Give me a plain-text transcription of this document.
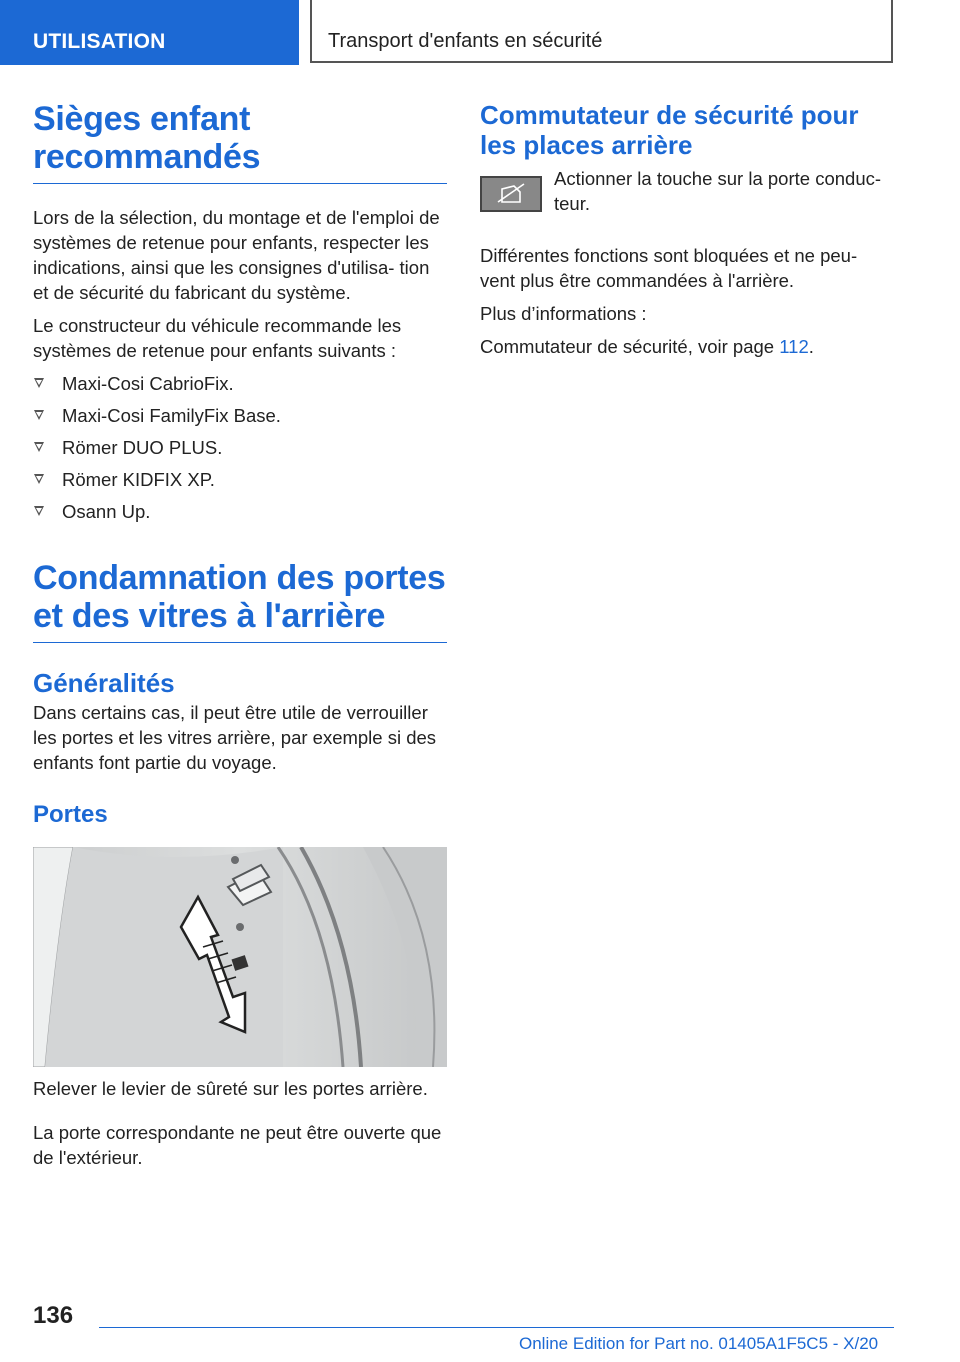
UTILISATION	Transport d'enfants en sécurité
Sièges enfant recommandés

Lors de la sélection, du montage et de l'emploi de systèmes de retenue pour enfants, respecter les indications, ainsi que les consignes d'utilisa‐ tion et de sécurité du fabricant du système.

Le constructeur du véhicule recommande les systèmes de retenue pour enfants suivants :

Maxi-Cosi CabrioFix.
Maxi-Cosi FamilyFix Base.
Römer DUO PLUS.
Römer KIDFIX XP.
Osann Up.
Condamnation des portes et des vitres à l'arrière
Généralités

Dans certains cas, il peut être utile de verrouiller les portes et les vitres arrière, par exemple si des enfants font partie du voyage.

Portes

Relever le levier de sûreté sur les portes arrière.

La porte correspondante ne peut être ouverte que de l'extérieur.

Commutateur de sécurité pour les places arrière

Actionner la touche sur la porte conduc‐ teur.

Différentes fonctions sont bloquées et ne peu‐ vent plus être commandées à l'arrière.

Plus d’informations :

Commutateur de sécurité, voir page 112.

136
Online Edition for Part no. 01405A1F5C5 - X/20
